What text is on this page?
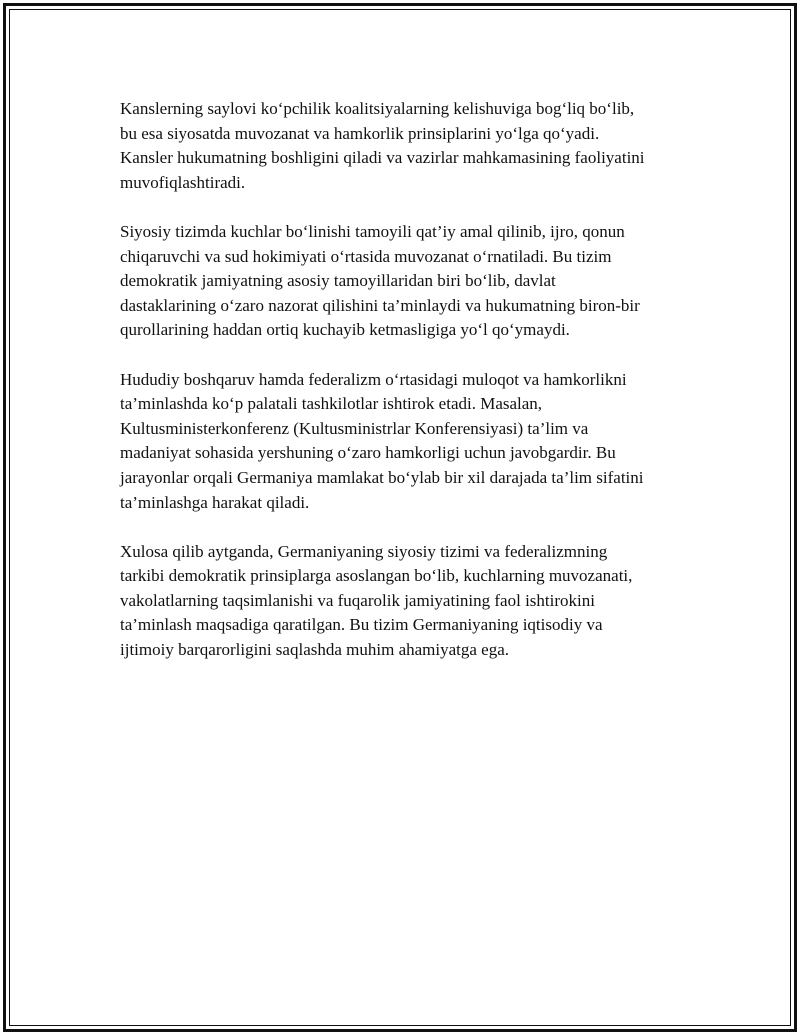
Kanslerning saylovi ko‘pchilik koalitsiyalarning kelishuviga bog‘liq bo‘lib,
bu esa siyosatda muvozanat va hamkorlik prinsiplarini yo‘lga qo‘yadi.
Kansler hukumatning boshligini qiladi va vazirlar mahkamasining faoliyatini
muvofiqlashtiradi.

Siyosiy tizimda kuchlar bo‘linishi tamoyili qat’iy amal qilinib, ijro, qonun
chiqaruvchi va sud hokimiyati o‘rtasida muvozanat o‘rnatiladi. Bu tizim
demokratik jamiyatning asosiy tamoyillaridan biri bo‘lib, davlat
dastaklarining o‘zaro nazorat qilishini ta’minlaydi va hukumatning biron-bir
qurollarining haddan ortiq kuchayib ketmasligiga yo‘l qo‘ymaydi.

Hududiy boshqaruv hamda federalizm o‘rtasidagi muloqot va hamkorlikni
ta’minlashda ko‘p palatali tashkilotlar ishtirok etadi. Masalan,
Kultusministerkonferenz (Kultusministrlar Konferensiyasi) ta’lim va
madaniyat sohasida yershuning o‘zaro hamkorligi uchun javobgardir. Bu
jarayonlar orqali Germaniya mamlakat bo‘ylab bir xil darajada ta’lim sifatini
ta’minlashga harakat qiladi.

Xulosa qilib aytganda, Germaniyaning siyosiy tizimi va federalizmning
tarkibi demokratik prinsiplarga asoslangan bo‘lib, kuchlarning muvozanati,
vakolatlarning taqsimlanishi va fuqarolik jamiyatining faol ishtirokini
ta’minlash maqsadiga qaratilgan. Bu tizim Germaniyaning iqtisodiy va
ijtimoiy barqarorligini saqlashda muhim ahamiyatga ega.
